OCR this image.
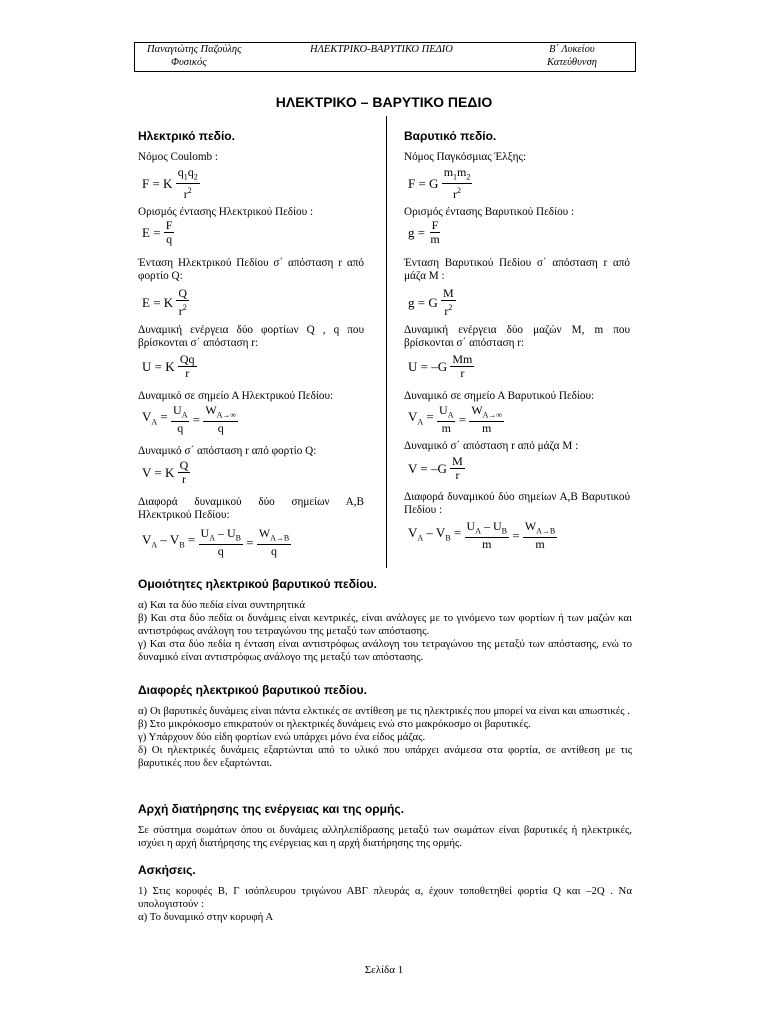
Παναγιώτης Παζούλης
Φυσικός
ΗΛΕΚΤΡΙΚΟ-ΒΑΡΥΤΙΚΟ ΠΕΔΙΟ	Β΄ Λυκείου
Κατεύθυνση
ΗΛΕΚΤΡΙΚΟ – ΒΑΡΥΤΙΚΟ ΠΕΔΙΟ
Ηλεκτρικό πεδίο.
Νόμος Coulomb :
F = K $\frac{q_1q_2}{r^2}$
Ορισμός έντασης Ηλεκτρικού Πεδίου :
$E = \frac{F}{q}$
Ένταση Ηλεκτρικού Πεδίου σ΄ απόσταση r από φορτίο Q:
E = K $\frac{Q}{r^2}$
Δυναμική ενέργεια δύο φορτίων Q , q που βρίσκονται σ΄ απόσταση r:
U = K $\frac{Qq}{r}$
Δυναμικό σε σημείο Α Ηλεκτρικού Πεδίου:
$V_A = \frac{U_A}{q} = \frac{W_{A\to\infty}}{q}$
Δυναμικό σ΄ απόσταση r από φορτίο Q:
V = K $\frac{Q}{r}$
Διαφορά δυναμικού δύο σημείων Α,Β Ηλεκτρικού Πεδίου:
$V_A - V_B = \frac{U_A - U_B}{q} = \frac{W_{A\to B}}{q}$
Βαρυτικό πεδίο.
Νόμος Παγκόσμιας Έλξης:
F = G $\frac{m_1m_2}{r^2}$
Ορισμός έντασης Βαρυτικού Πεδίου :
$g = \frac{F}{m}$
Ένταση Βαρυτικού Πεδίου σ΄ απόσταση r από μάζα Μ :
g = G $\frac{M}{r^2}$
Δυναμική ενέργεια δύο μαζών Μ, m που βρίσκονται σ΄ απόσταση r:
$U = -G \frac{Mm}{r}$
Δυναμικό σε σημείο Α Βαρυτικού Πεδίου:
$V_A = \frac{U_A}{m} = \frac{W_{A\to\infty}}{m}$
Δυναμικό σ΄ απόσταση r από μάζα Μ :
$V = -G \frac{M}{r}$
Διαφορά δυναμικού δύο σημείων Α,Β Βαρυτικού Πεδίου :
$V_A - V_B = \frac{U_A - U_B}{m} = \frac{W_{A\to B}}{m}$
Ομοιότητες ηλεκτρικού βαρυτικού πεδίου.

α) Και τα δύο πεδία είναι συντηρητικά

β) Και στα δύο πεδία οι δυνάμεις είναι κεντρικές, είναι ανάλογες με το γινόμενο των φορτίων ή των μαζών και αντιστρόφως ανάλογη του τετραγώνου της μεταξύ των απόστασης.

γ) Και στα δύο πεδία η ένταση είναι αντιστρόφως ανάλογη του τετραγώνου της μεταξύ των απόστασης, ενώ το δυναμικό είναι αντιστρόφως ανάλογο της μεταξύ των απόστασης.

Διαφορές ηλεκτρικού βαρυτικού πεδίου.

α) Οι βαρυτικές δυνάμεις είναι πάντα ελκτικές σε αντίθεση με τις ηλεκτρικές που μπορεί να είναι και απωστικές .

β) Στο μικρόκοσμο επικρατούν οι ηλεκτρικές δυνάμεις ενώ στο μακρόκοσμο οι βαρυτικές.

γ) Υπάρχουν δύο είδη φορτίων ενώ υπάρχει μόνο ένα είδος μάζας.

δ) Οι ηλεκτρικές δυνάμεις εξαρτώνται από το υλικό που υπάρχει ανάμεσα στα φορτία, σε αντίθεση με τις βαρυτικές που δεν εξαρτώνται.

Αρχή διατήρησης της ενέργειας και της ορμής.

Σε σύστημα σωμάτων όπου οι δυνάμεις αλληλεπίδρασης μεταξύ των σωμάτων είναι βαρυτικές ή ηλεκτρικές, ισχύει η αρχή διατήρησης της ενέργειας και η αρχή διατήρησης της ορμής.

Ασκήσεις.

1) Στις κορυφές Β, Γ ισόπλευρου τριγώνου ΑΒΓ πλευράς α, έχουν τοποθετηθεί φορτία Q και –2Q . Να υπολογιστούν :

α) Το δυναμικό στην κορυφή Α

Σελίδα 1
